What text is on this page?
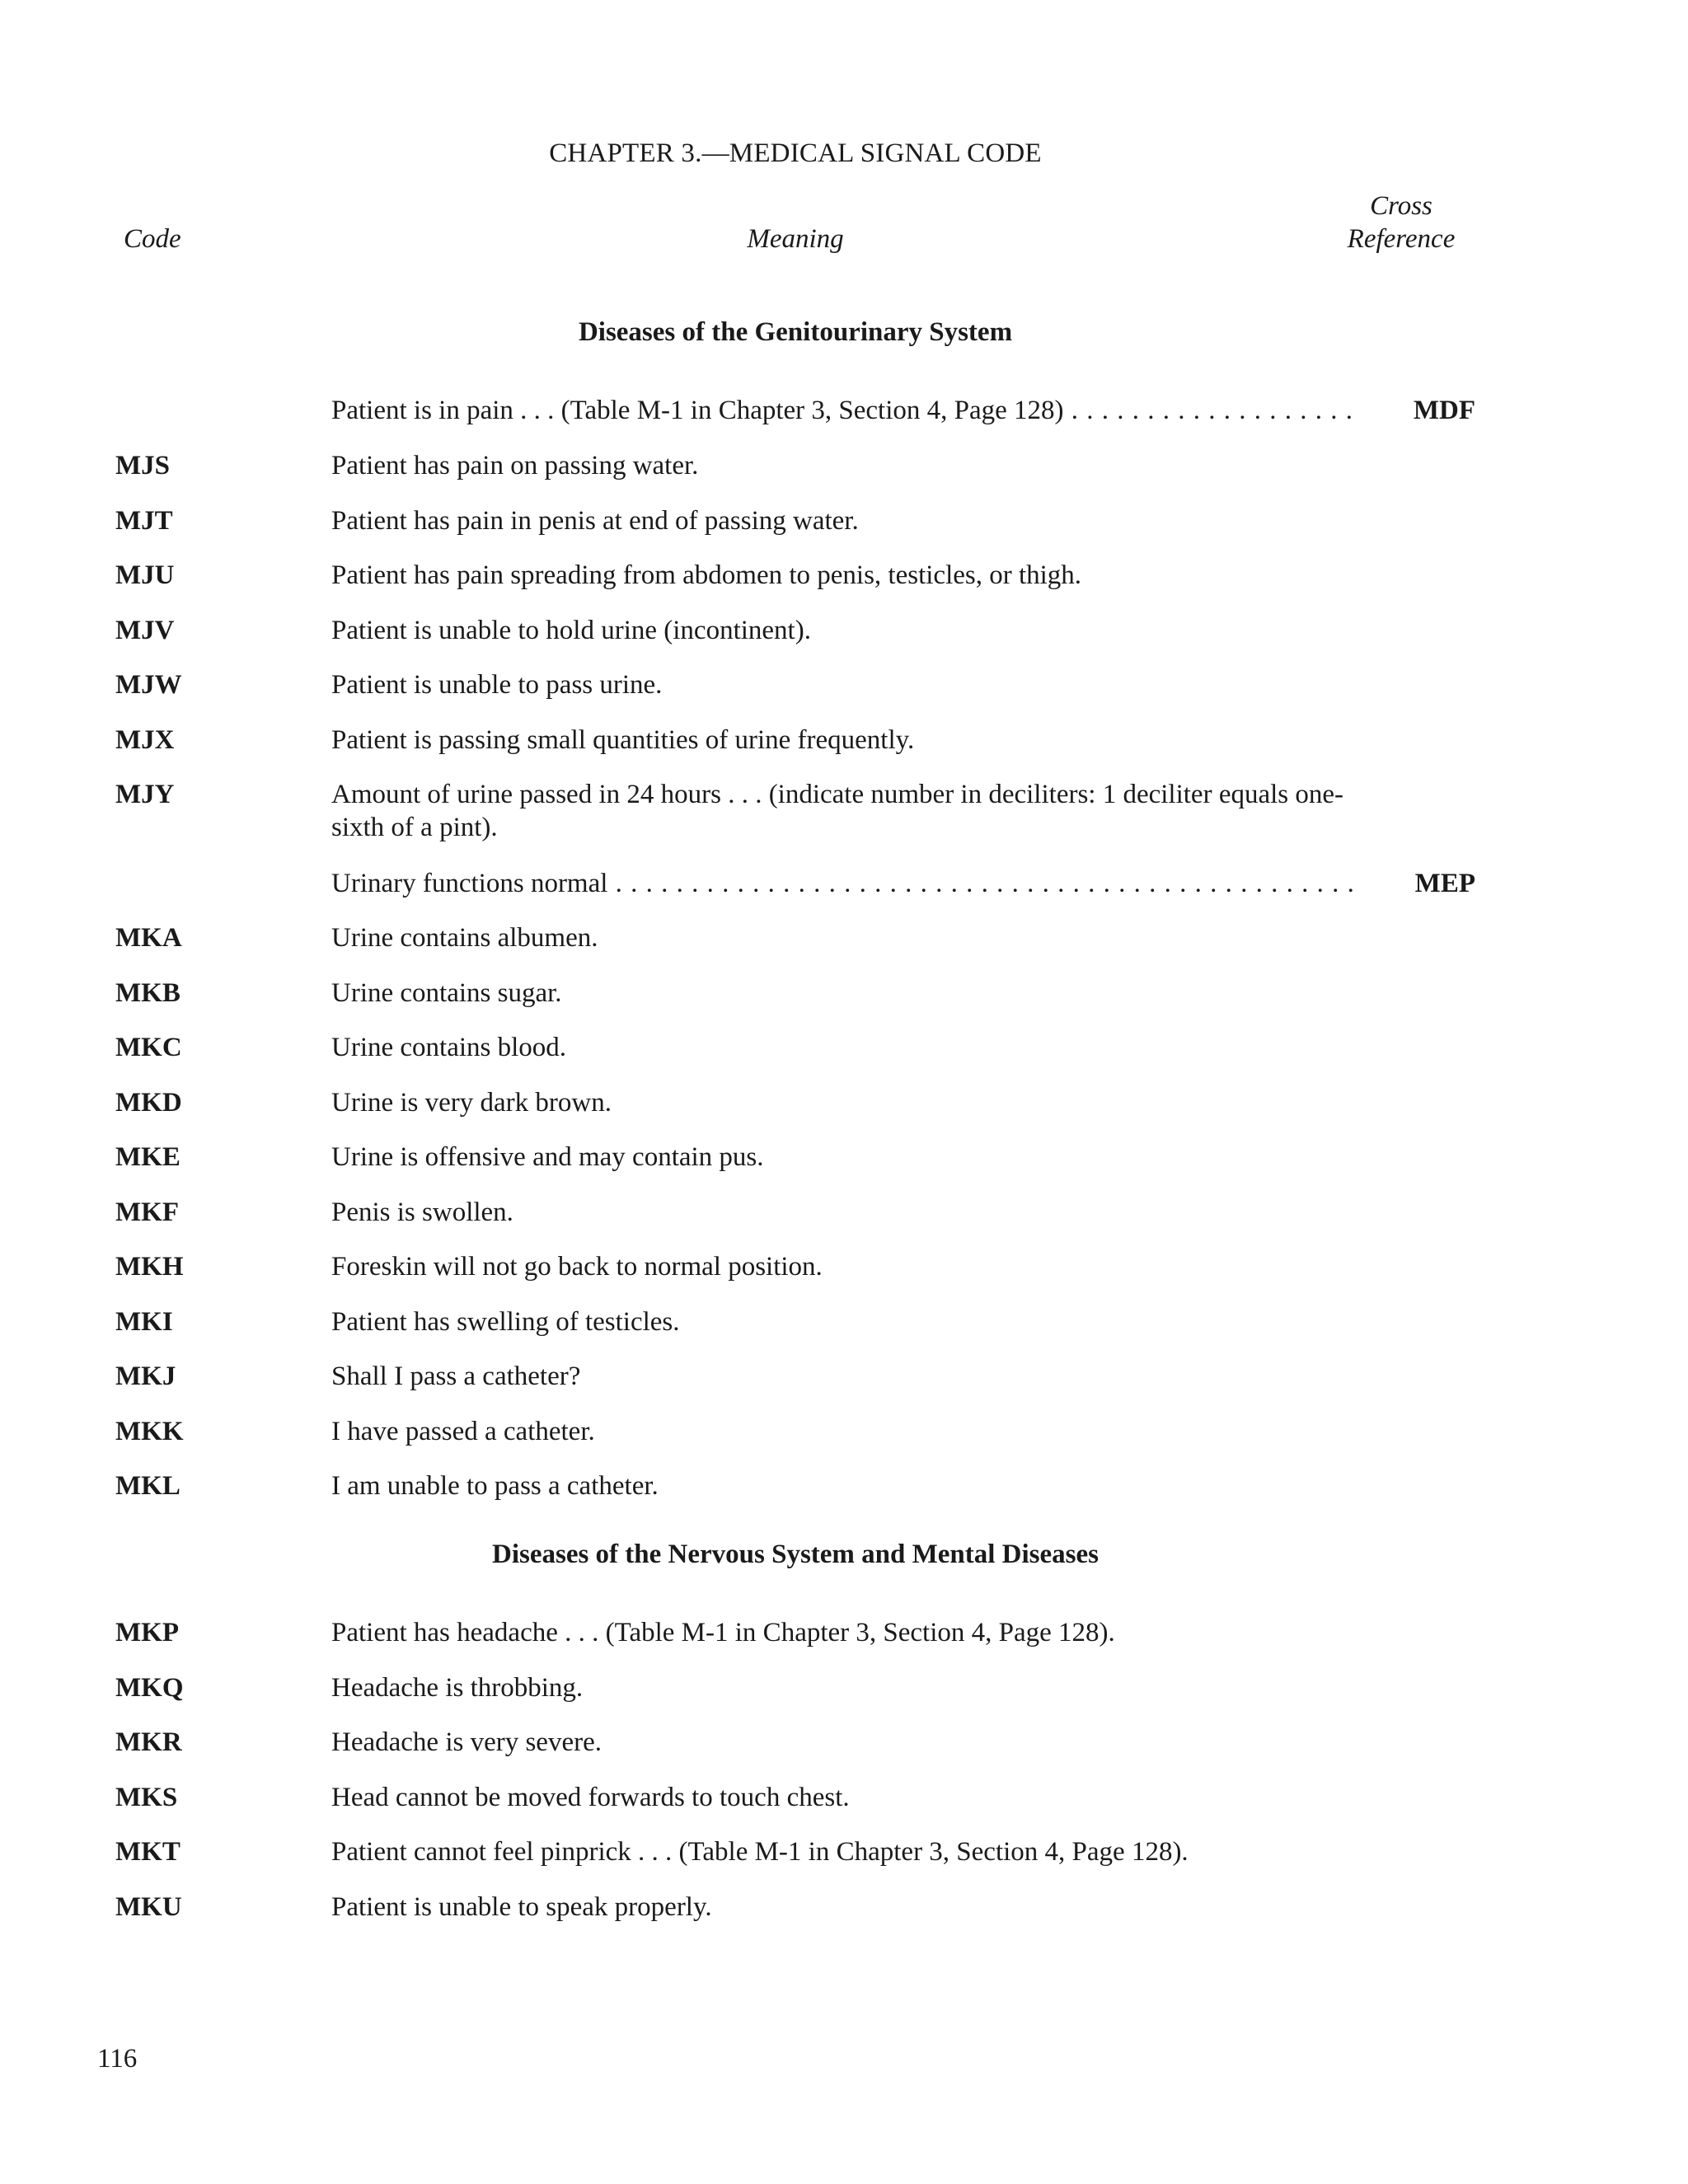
CHAPTER 3.—MEDICAL SIGNAL CODE
Code	Meaning
Cross
Reference
Diseases of the Genitourinary System
Patient is in pain . . . (Table M-1 in Chapter 3, Section 4, Page 128) . . .	MDF
MJS	Patient has pain on passing water.
MJT	Patient has pain in penis at end of passing water.
MJU	Patient has pain spreading from abdomen to penis, testicles, or thigh.
MJV	Patient is unable to hold urine (incontinent).
MJW	Patient is unable to pass urine.
MJX	Patient is passing small quantities of urine frequently.
MJY	Amount of urine passed in 24 hours . . . (indicate number in deciliters: 1 deciliter equals one-sixth of a pint).
Urinary functions normal . . .	MEP
MKA	Urine contains albumen.
MKB	Urine contains sugar.
MKC	Urine contains blood.
MKD	Urine is very dark brown.
MKE	Urine is offensive and may contain pus.
MKF	Penis is swollen.
MKH	Foreskin will not go back to normal position.
MKI	Patient has swelling of testicles.
MKJ	Shall I pass a catheter?
MKK	I have passed a catheter.
MKL	I am unable to pass a catheter.
Diseases of the Nervous System and Mental Diseases
MKP	Patient has headache . . . (Table M-1 in Chapter 3, Section 4, Page 128).
MKQ	Headache is throbbing.
MKR	Headache is very severe.
MKS	Head cannot be moved forwards to touch chest.
MKT	Patient cannot feel pinprick . . . (Table M-1 in Chapter 3, Section 4, Page 128).
MKU	Patient is unable to speak properly.
116
